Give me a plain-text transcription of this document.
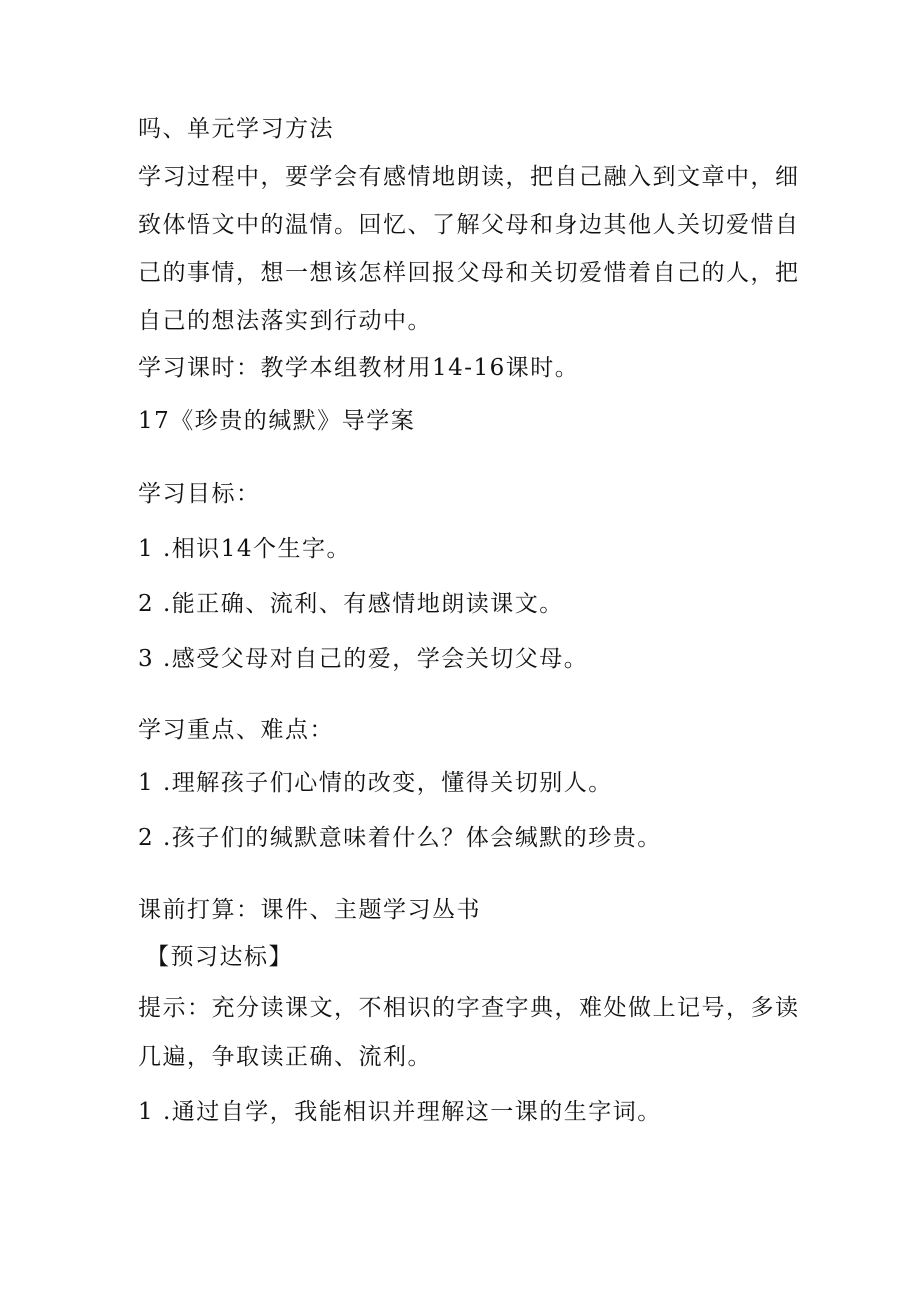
吗、单元学习方法

学习过程中，要学会有感情地朗读，把自己融入到文章中，细

致体悟文中的温情。回忆、了解父母和身边其他人关切爱惜自

己的事情，想一想该怎样回报父母和关切爱惜着自己的人，把

自己的想法落实到行动中。

学习课时：教学本组教材用14-16课时。

17《珍贵的缄默》导学案

学习目标：

1 .相识14个生字。

2 .能正确、流利、有感情地朗读课文。

3 .感受父母对自己的爱，学会关切父母。

学习重点、难点：

1 .理解孩子们心情的改变，懂得关切别人。

2 .孩子们的缄默意味着什么？体会缄默的珍贵。

课前打算：课件、主题学习丛书

【预习达标】

提示：充分读课文，不相识的字查字典，难处做上记号，多读

几遍，争取读正确、流利。

1 .通过自学，我能相识并理解这一课的生字词。
